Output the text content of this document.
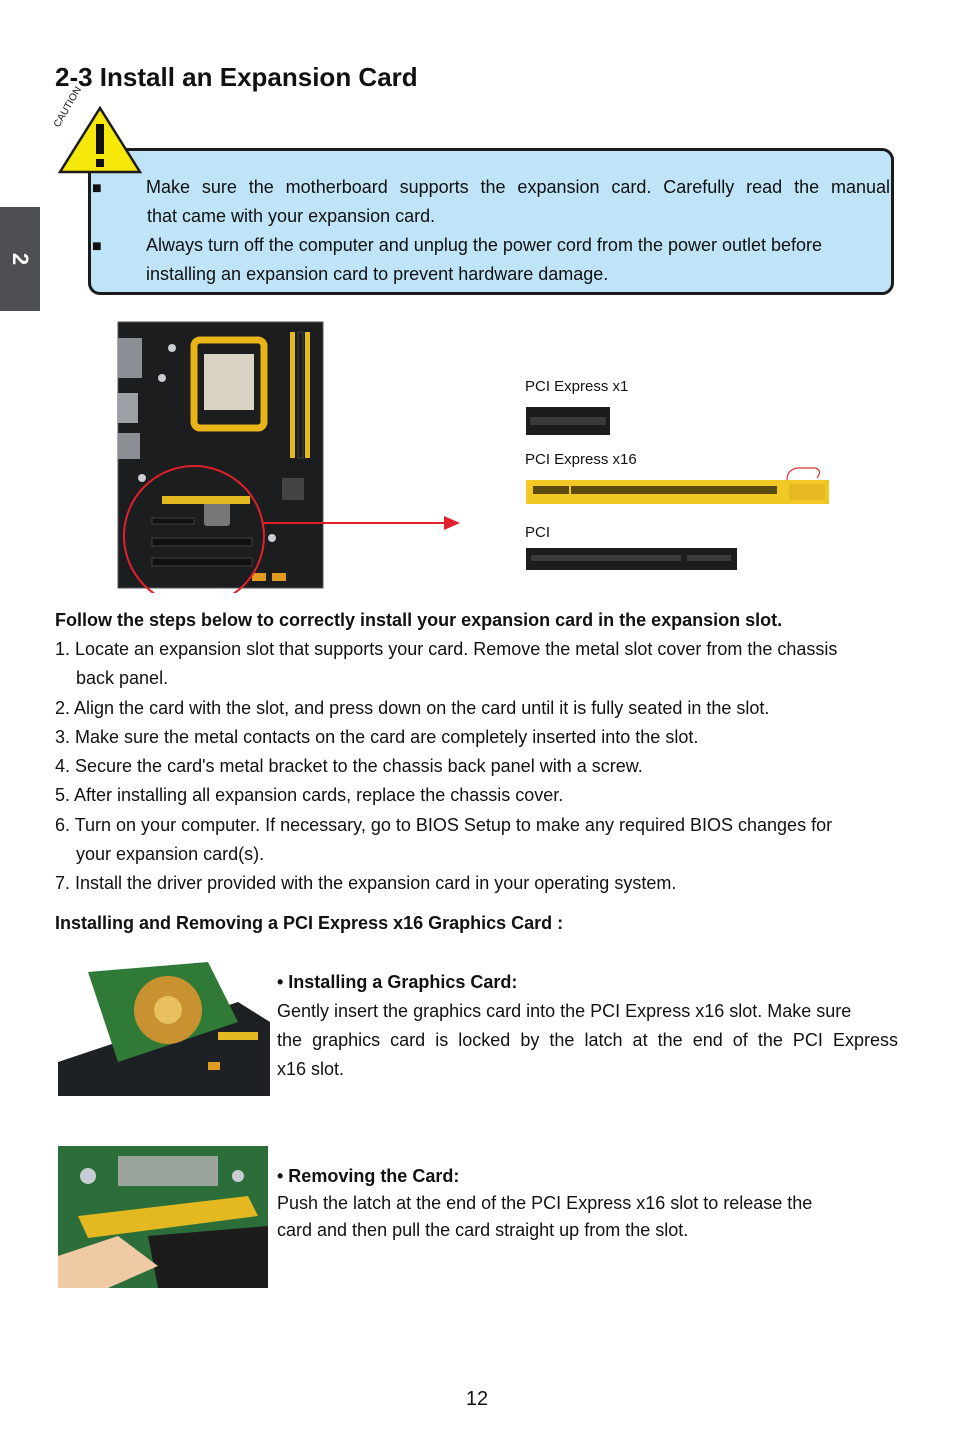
2
2-3 Install an Expansion Card
CAUTION
■ Make sure the motherboard supports the expansion card. Carefully read the manual
that came with your expansion card.
■ Always turn off the computer and unplug the power cord from the power outlet before
installing an expansion card to prevent hardware damage.
PCI Express x1
PCI Express x16
PCI
Follow the steps below to correctly install your expansion card in the expansion slot.
1. Locate an expansion slot that supports your card. Remove the metal slot cover from the chassis
back panel.
2. Align the card with the slot, and press down on the card until it is fully seated in the slot.
3. Make sure the metal contacts on the card are completely inserted into the slot.
4. Secure the card's metal bracket to the chassis back panel with a screw.
5. After installing all expansion cards, replace the chassis cover.
6. Turn on your computer. If necessary, go to BIOS Setup to make any required BIOS changes for
your expansion card(s).
7. Install the driver provided with the expansion card in your operating system.
Installing and Removing a PCI Express x16 Graphics Card :
• Installing a Graphics Card:
Gently insert the graphics card into the PCI Express x16 slot. Make sure
the graphics card is locked by the latch at the end of the PCI Express
x16 slot.
• Removing the Card:
Push the latch at the end of the PCI Express x16 slot to release the
card and then pull the card straight up from the slot.
12
